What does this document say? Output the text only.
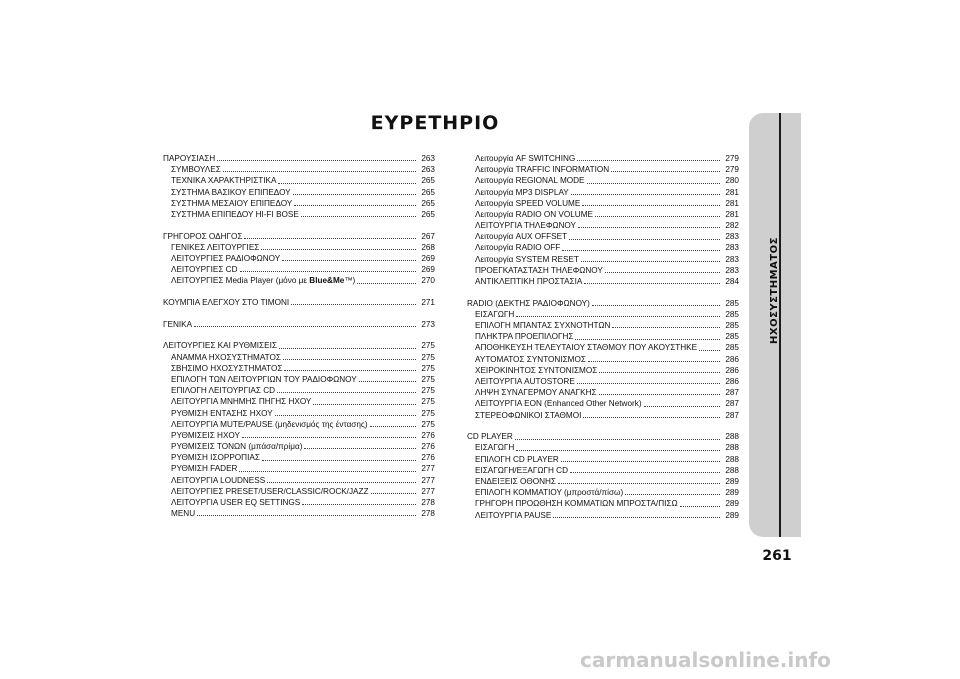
ΕΥΡΕΤΗΡΙΟ
ΠΑΡΟΥΣΙΑΣΗ	263
ΣΥΜΒΟΥΛΕΣ	263
ΤΕΧΝΙΚΑ ΧΑΡΑΚΤΗΡΙΣΤΙΚΑ	265
ΣΥΣΤΗΜΑ ΒΑΣΙΚΟΥ ΕΠΙΠΕΔΟΥ	265
ΣΥΣΤΗΜΑ ΜΕΣΑΙΟΥ ΕΠΙΠΕΔΟΥ	265
ΣΥΣΤΗΜΑ ΕΠΙΠΕΔΟΥ HI-FI BOSE	265
ΓΡΗΓΟΡΟΣ ΟΔΗΓΟΣ	267
ΓΕΝΙΚΕΣ ΛΕΙΤΟΥΡΓΙΕΣ	268
ΛΕΙΤΟΥΡΓΙΕΣ ΡΑΔΙΟΦΩΝΟΥ	269
ΛΕΙΤΟΥΡΓΙΕΣ CD	269
ΛΕΙΤΟΥΡΓΙΕΣ Media Player (μόνο με Blue&Me™)	270
ΚΟΥΜΠΙΑ ΕΛΕΓΧΟΥ ΣΤΟ ΤΙΜΟΝΙ	271
ΓΕΝΙΚΑ	273
ΛΕΙΤΟΥΡΓΙΕΣ ΚΑΙ ΡΥΘΜΙΣΕΙΣ	275
ΑΝΑΜΜΑ ΗΧΟΣΥΣΤΗΜΑΤΟΣ	275
ΣΒΗΣΙΜΟ ΗΧΟΣΥΣΤΗΜΑΤΟΣ	275
ΕΠΙΛΟΓΗ ΤΩΝ ΛΕΙΤΟΥΡΓΙΩΝ ΤΟΥ ΡΑΔΙΟΦΩΝΟΥ	275
ΕΠΙΛΟΓΗ ΛΕΙΤΟΥΡΓΙΑΣ CD	275
ΛΕΙΤΟΥΡΓΙΑ ΜΝΗΜΗΣ ΠΗΓΗΣ ΗΧΟΥ	275
ΡΥΘΜΙΣΗ ΕΝΤΑΣΗΣ ΗΧΟΥ	275
ΛΕΙΤΟΥΡΓΙΑ MUTE/PAUSE (μηδενισμός της έντασης)	275
ΡΥΘΜΙΣΕΙΣ ΗΧΟΥ	276
ΡΥΘΜΙΣΕΙΣ ΤΟΝΩΝ (μπάσα/πρίμα)	276
ΡΥΘΜΙΣΗ ΙΣΟΡΡΟΠΙΑΣ	276
ΡΥΘΜΙΣΗ FADER	277
ΛΕΙΤΟΥΡΓΙΑ LOUDNESS	277
ΛΕΙΤΟΥΡΓΙΕΣ PRESET/USER/CLASSIC/ROCK/JAZZ	277
ΛΕΙΤΟΥΡΓΙΑ USER EQ SETTINGS	278
MENU	278
Λειτουργία AF SWITCHING	279
Λειτουργία TRAFFIC INFORMATION	279
Λειτουργία REGIONAL MODE	280
Λειτουργία MP3 DISPLAY	281
Λειτουργία SPEED VOLUME	281
Λειτουργία RADIO ON VOLUME	281
ΛΕΙΤΟΥΡΓΙΑ ΤΗΛΕΦΩΝΟΥ	282
Λειτουργία AUX OFFSET	283
Λειτουργία RADIO OFF	283
Λειτουργία SYSTEM RESET	283
ΠΡΟΕΓΚΑΤΑΣΤΑΣΗ ΤΗΛΕΦΩΝΟΥ	283
ΑΝΤΙΚΛΕΠΤΙΚΗ ΠΡΟΣΤΑΣΙΑ	284
RADIO (ΔΕΚΤΗΣ ΡΑΔΙΟΦΩΝΟΥ)	285
ΕΙΣΑΓΩΓΗ	285
ΕΠΙΛΟΓΗ ΜΠΑΝΤΑΣ ΣΥΧΝΟΤΗΤΩΝ	285
ΠΛΗΚΤΡΑ ΠΡΟΕΠΙΛΟΓΗΣ	285
ΑΠΟΘΗΚΕΥΣΗ ΤΕΛΕΥΤΑΙΟΥ ΣΤΑΘΜΟΥ ΠΟΥ ΑΚΟΥΣΤΗΚΕ	285
ΑΥΤΟΜΑΤΟΣ ΣΥΝΤΟΝΙΣΜΟΣ	286
ΧΕΙΡΟΚΙΝΗΤΟΣ ΣΥΝΤΟΝΙΣΜΟΣ	286
ΛΕΙΤΟΥΡΓΙΑ AUTOSTORE	286
ΛΗΨΗ ΣΥΝΑΓΕΡΜΟΥ ΑΝΑΓΚΗΣ	287
ΛΕΙΤΟΥΡΓΙΑ EON (Enhanced Other Network)	287
ΣΤΕΡΕΟΦΩΝΙΚΟΙ ΣΤΑΘΜΟΙ	287
CD PLAYER	288
ΕΙΣΑΓΩΓΗ	288
ΕΠΙΛΟΓΗ CD PLAYER	288
ΕΙΣΑΓΩΓΗ/ΕΞΑΓΩΓΗ CD	288
ΕΝΔΕΙΞΕΙΣ ΟΘΟΝΗΣ	289
ΕΠΙΛΟΓΗ ΚΟΜΜΑΤΙΟΥ (μπροστά/πίσω)	289
ΓΡΗΓΟΡΗ ΠΡΟΩΘΗΣΗ ΚΟΜΜΑΤΙΩΝ ΜΠΡΟΣΤΑ/ΠΙΣΩ	289
ΛΕΙΤΟΥΡΓΙΑ PAUSE	289
ΗΧΟΣΥΣΤΗΜΑΤΟΣ
261
carmanualsonline.info
